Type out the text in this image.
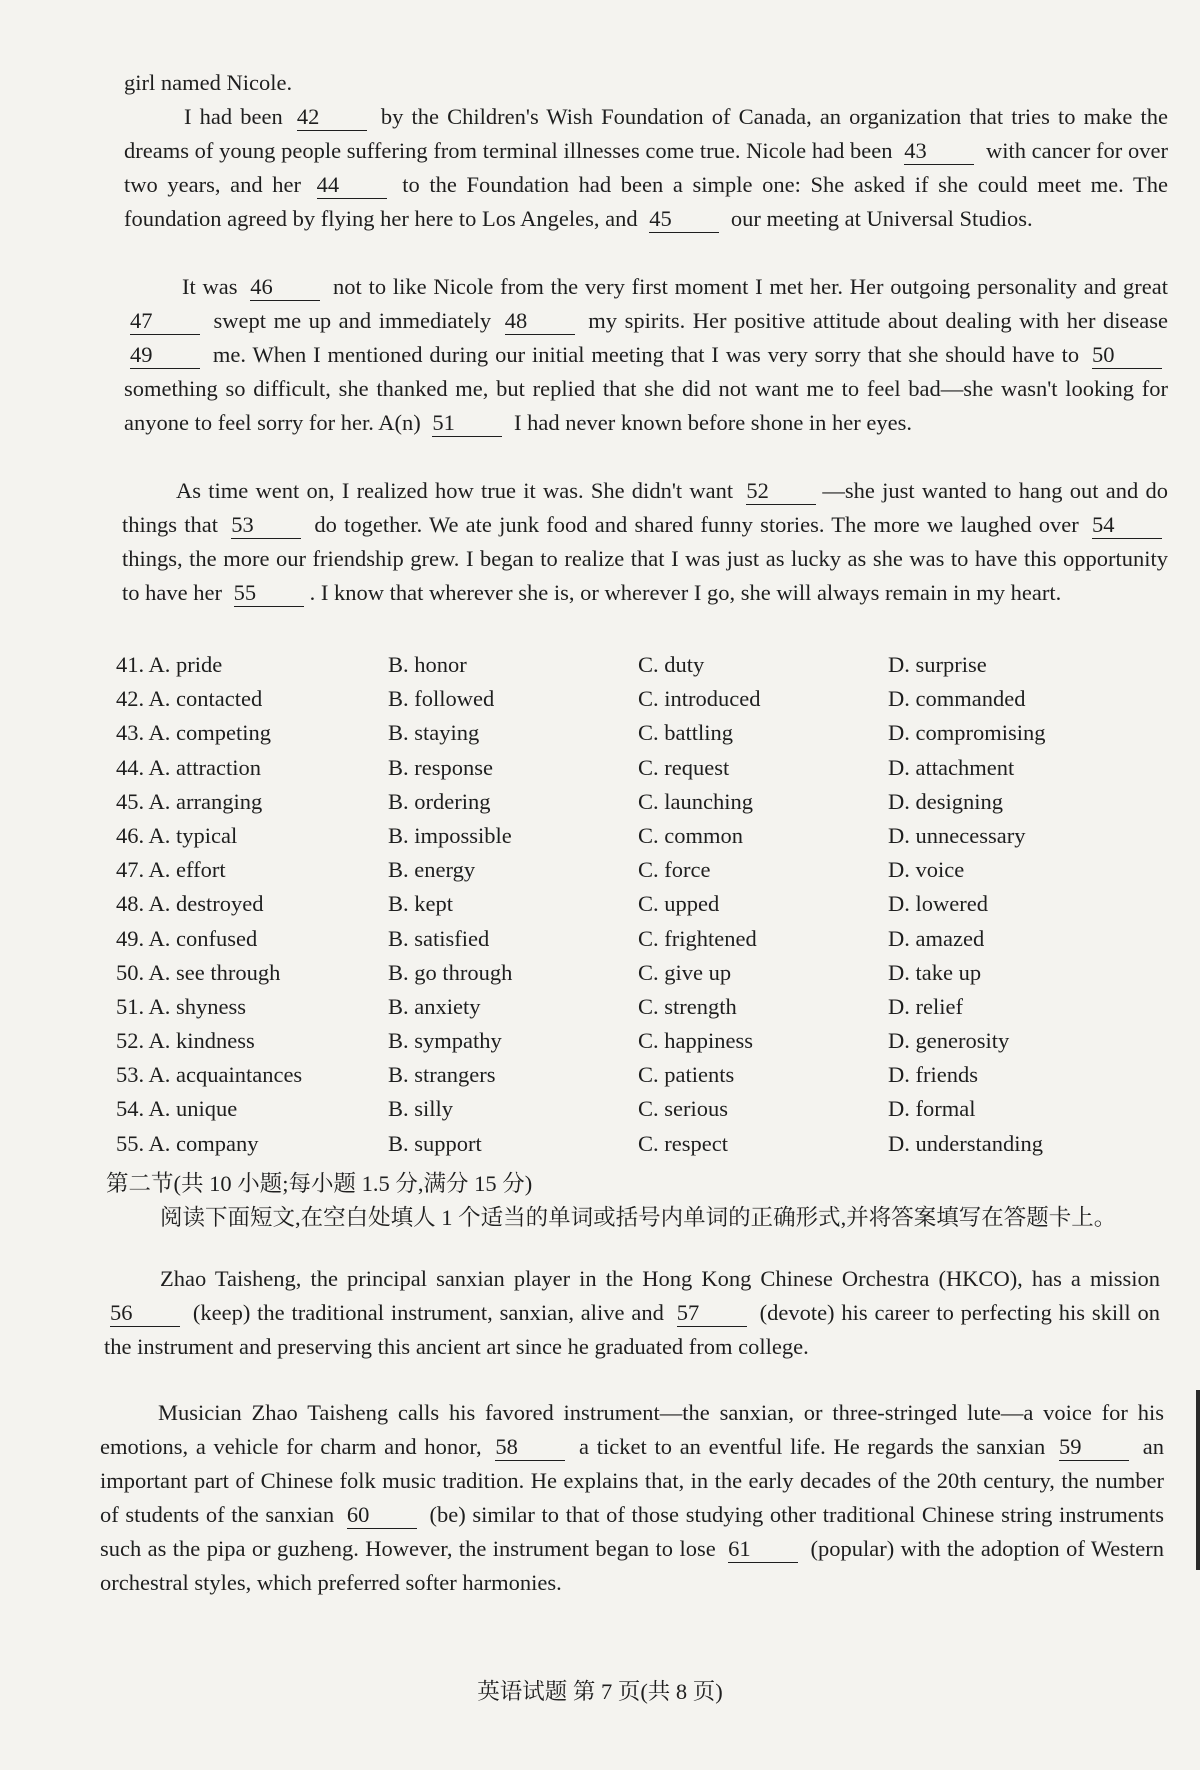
girl named Nicole.
I had been 42 by the Children's Wish Foundation of Canada, an organization that tries to make the dreams of young people suffering from terminal illnesses come true. Nicole had been 43 with cancer for over two years, and her 44 to the Foundation had been a simple one: She asked if she could meet me. The foundation agreed by flying her here to Los Angeles, and 45 our meeting at Universal Studios.
It was 46 not to like Nicole from the very first moment I met her. Her outgoing personality and great 47 swept me up and immediately 48 my spirits. Her positive attitude about dealing with her disease 49 me. When I mentioned during our initial meeting that I was very sorry that she should have to 50 something so difficult, she thanked me, but replied that she did not want me to feel bad—she wasn't looking for anyone to feel sorry for her. A(n) 51 I had never known before shone in her eyes.
As time went on, I realized how true it was. She didn't want 52 —she just wanted to hang out and do things that 53 do together. We ate junk food and shared funny stories. The more we laughed over 54 things, the more our friendship grew. I began to realize that I was just as lucky as she was to have this opportunity to have her 55 . I know that wherever she is, or wherever I go, she will always remain in my heart.
41. A. pride	B. honor	C. duty	D. surprise
42. A. contacted	B. followed	C. introduced	D. commanded
43. A. competing	B. staying	C. battling	D. compromising
44. A. attraction	B. response	C. request	D. attachment
45. A. arranging	B. ordering	C. launching	D. designing
46. A. typical	B. impossible	C. common	D. unnecessary
47. A. effort	B. energy	C. force	D. voice
48. A. destroyed	B. kept	C. upped	D. lowered
49. A. confused	B. satisfied	C. frightened	D. amazed
50. A. see through	B. go through	C. give up	D. take up
51. A. shyness	B. anxiety	C. strength	D. relief
52. A. kindness	B. sympathy	C. happiness	D. generosity
53. A. acquaintances	B. strangers	C. patients	D. friends
54. A. unique	B. silly	C. serious	D. formal
55. A. company	B. support	C. respect	D. understanding
第二节(共 10 小题;每小题 1.5 分,满分 15 分)
阅读下面短文,在空白处填人 1 个适当的单词或括号内单词的正确形式,并将答案填写在答题卡上。
Zhao Taisheng, the principal sanxian player in the Hong Kong Chinese Orchestra (HKCO), has a mission 56 (keep) the traditional instrument, sanxian, alive and 57 (devote) his career to perfecting his skill on the instrument and preserving this ancient art since he graduated from college.
Musician Zhao Taisheng calls his favored instrument—the sanxian, or three-stringed lute—a voice for his emotions, a vehicle for charm and honor, 58 a ticket to an eventful life. He regards the sanxian 59 an important part of Chinese folk music tradition. He explains that, in the early decades of the 20th century, the number of students of the sanxian 60 (be) similar to that of those studying other traditional Chinese string instruments such as the pipa or guzheng. However, the instrument began to lose 61 (popular) with the adoption of Western orchestral styles, which preferred softer harmonies.
英语试题 第 7 页(共 8 页)
